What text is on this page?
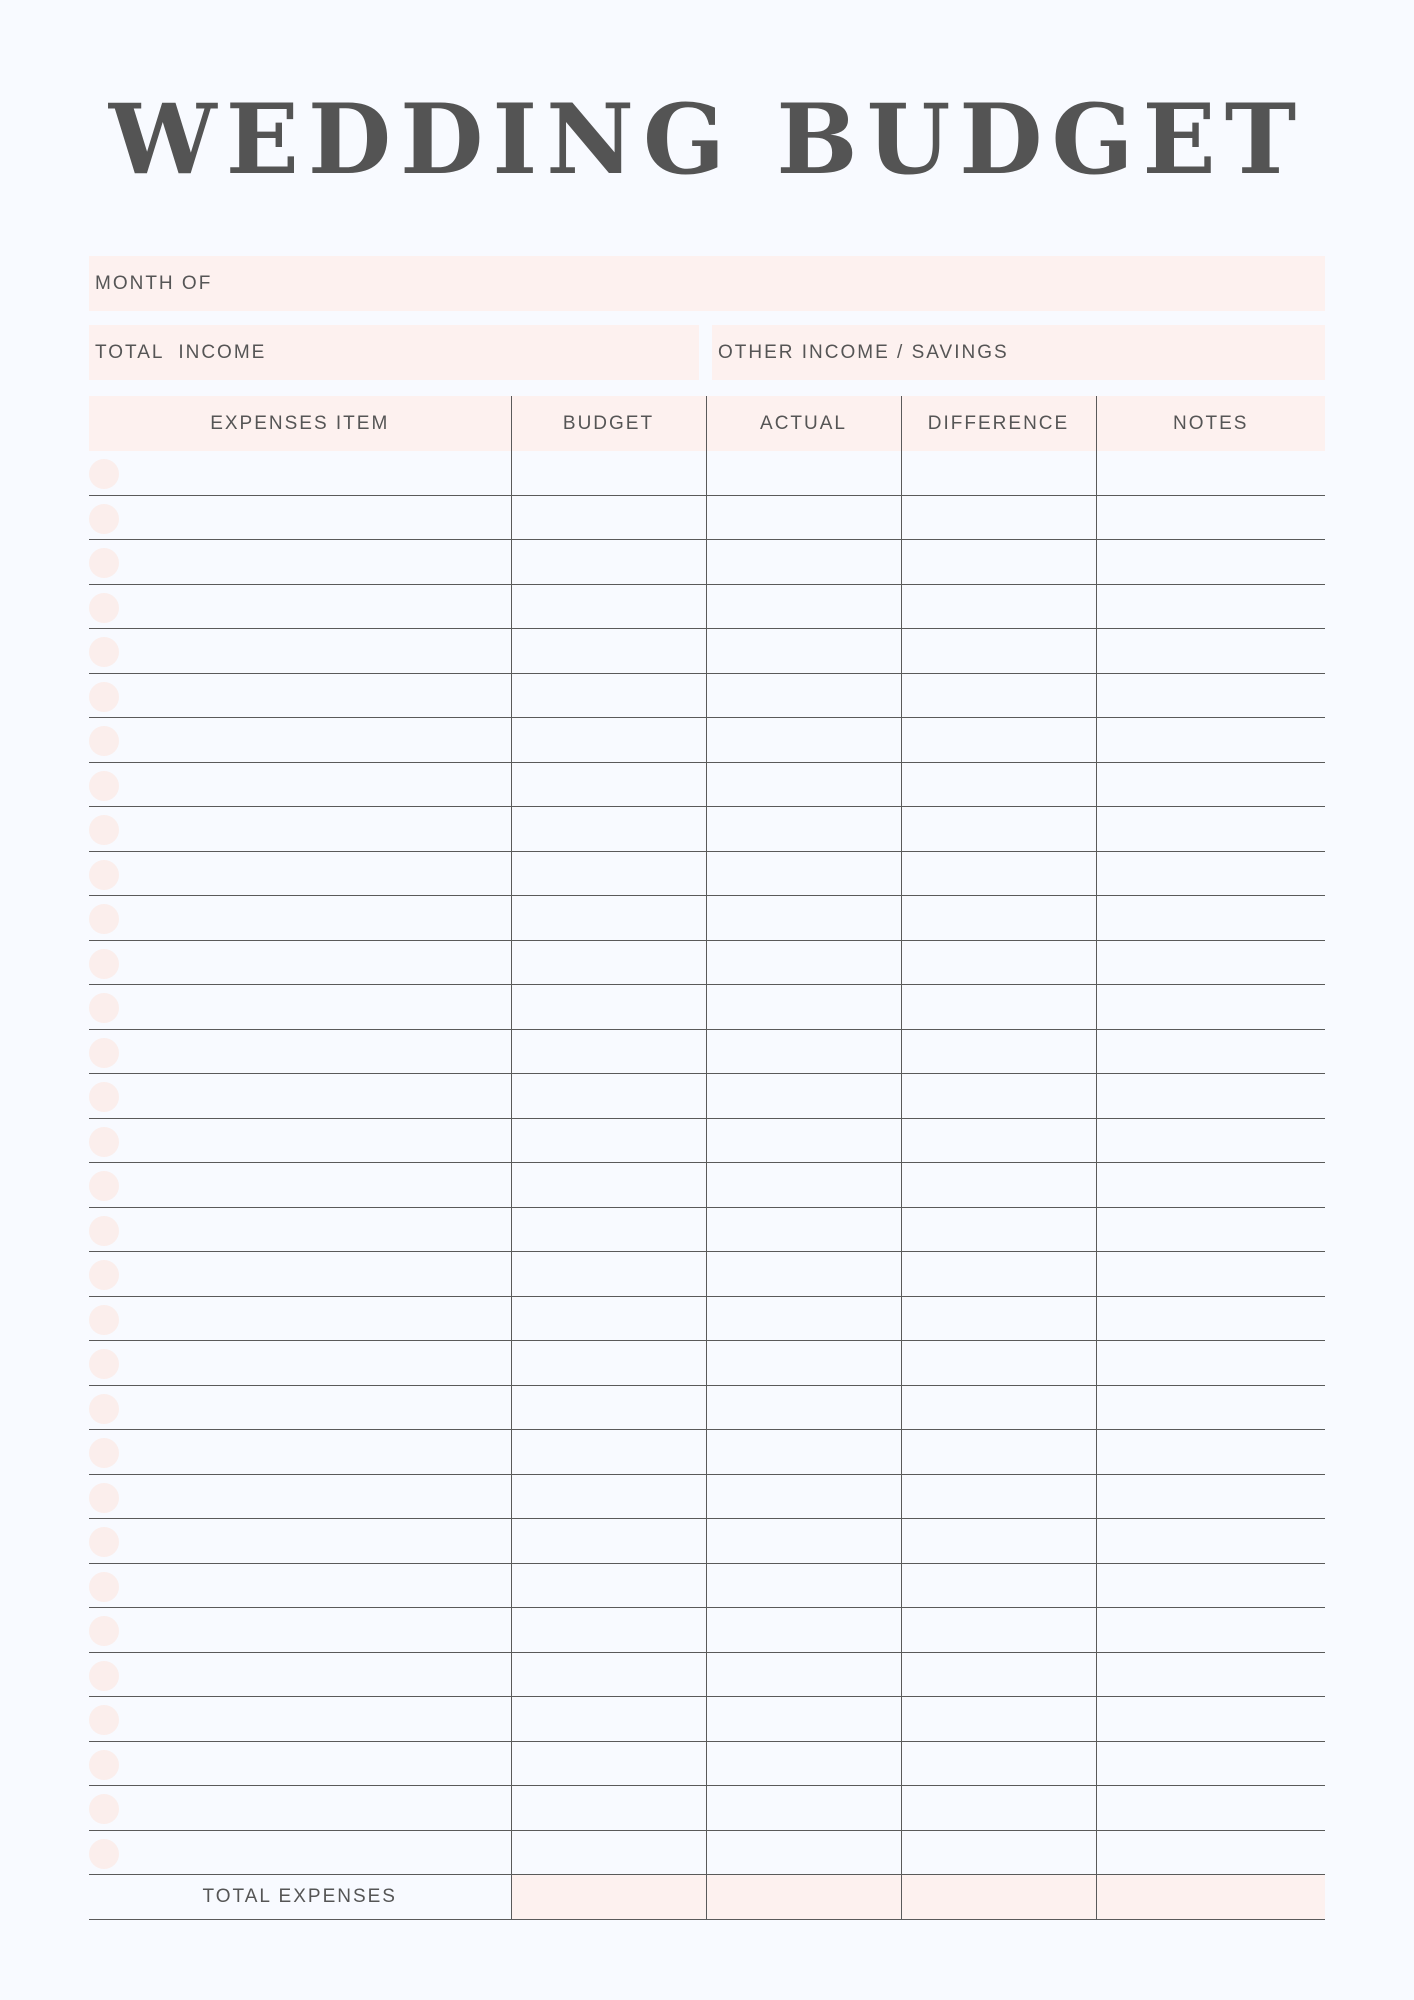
WEDDING BUDGET
MONTH OF
TOTAL  INCOME	OTHER INCOME / SAVINGS
EXPENSES ITEM	BUDGET	ACTUAL	DIFFERENCE	NOTES

TOTAL EXPENSES				
